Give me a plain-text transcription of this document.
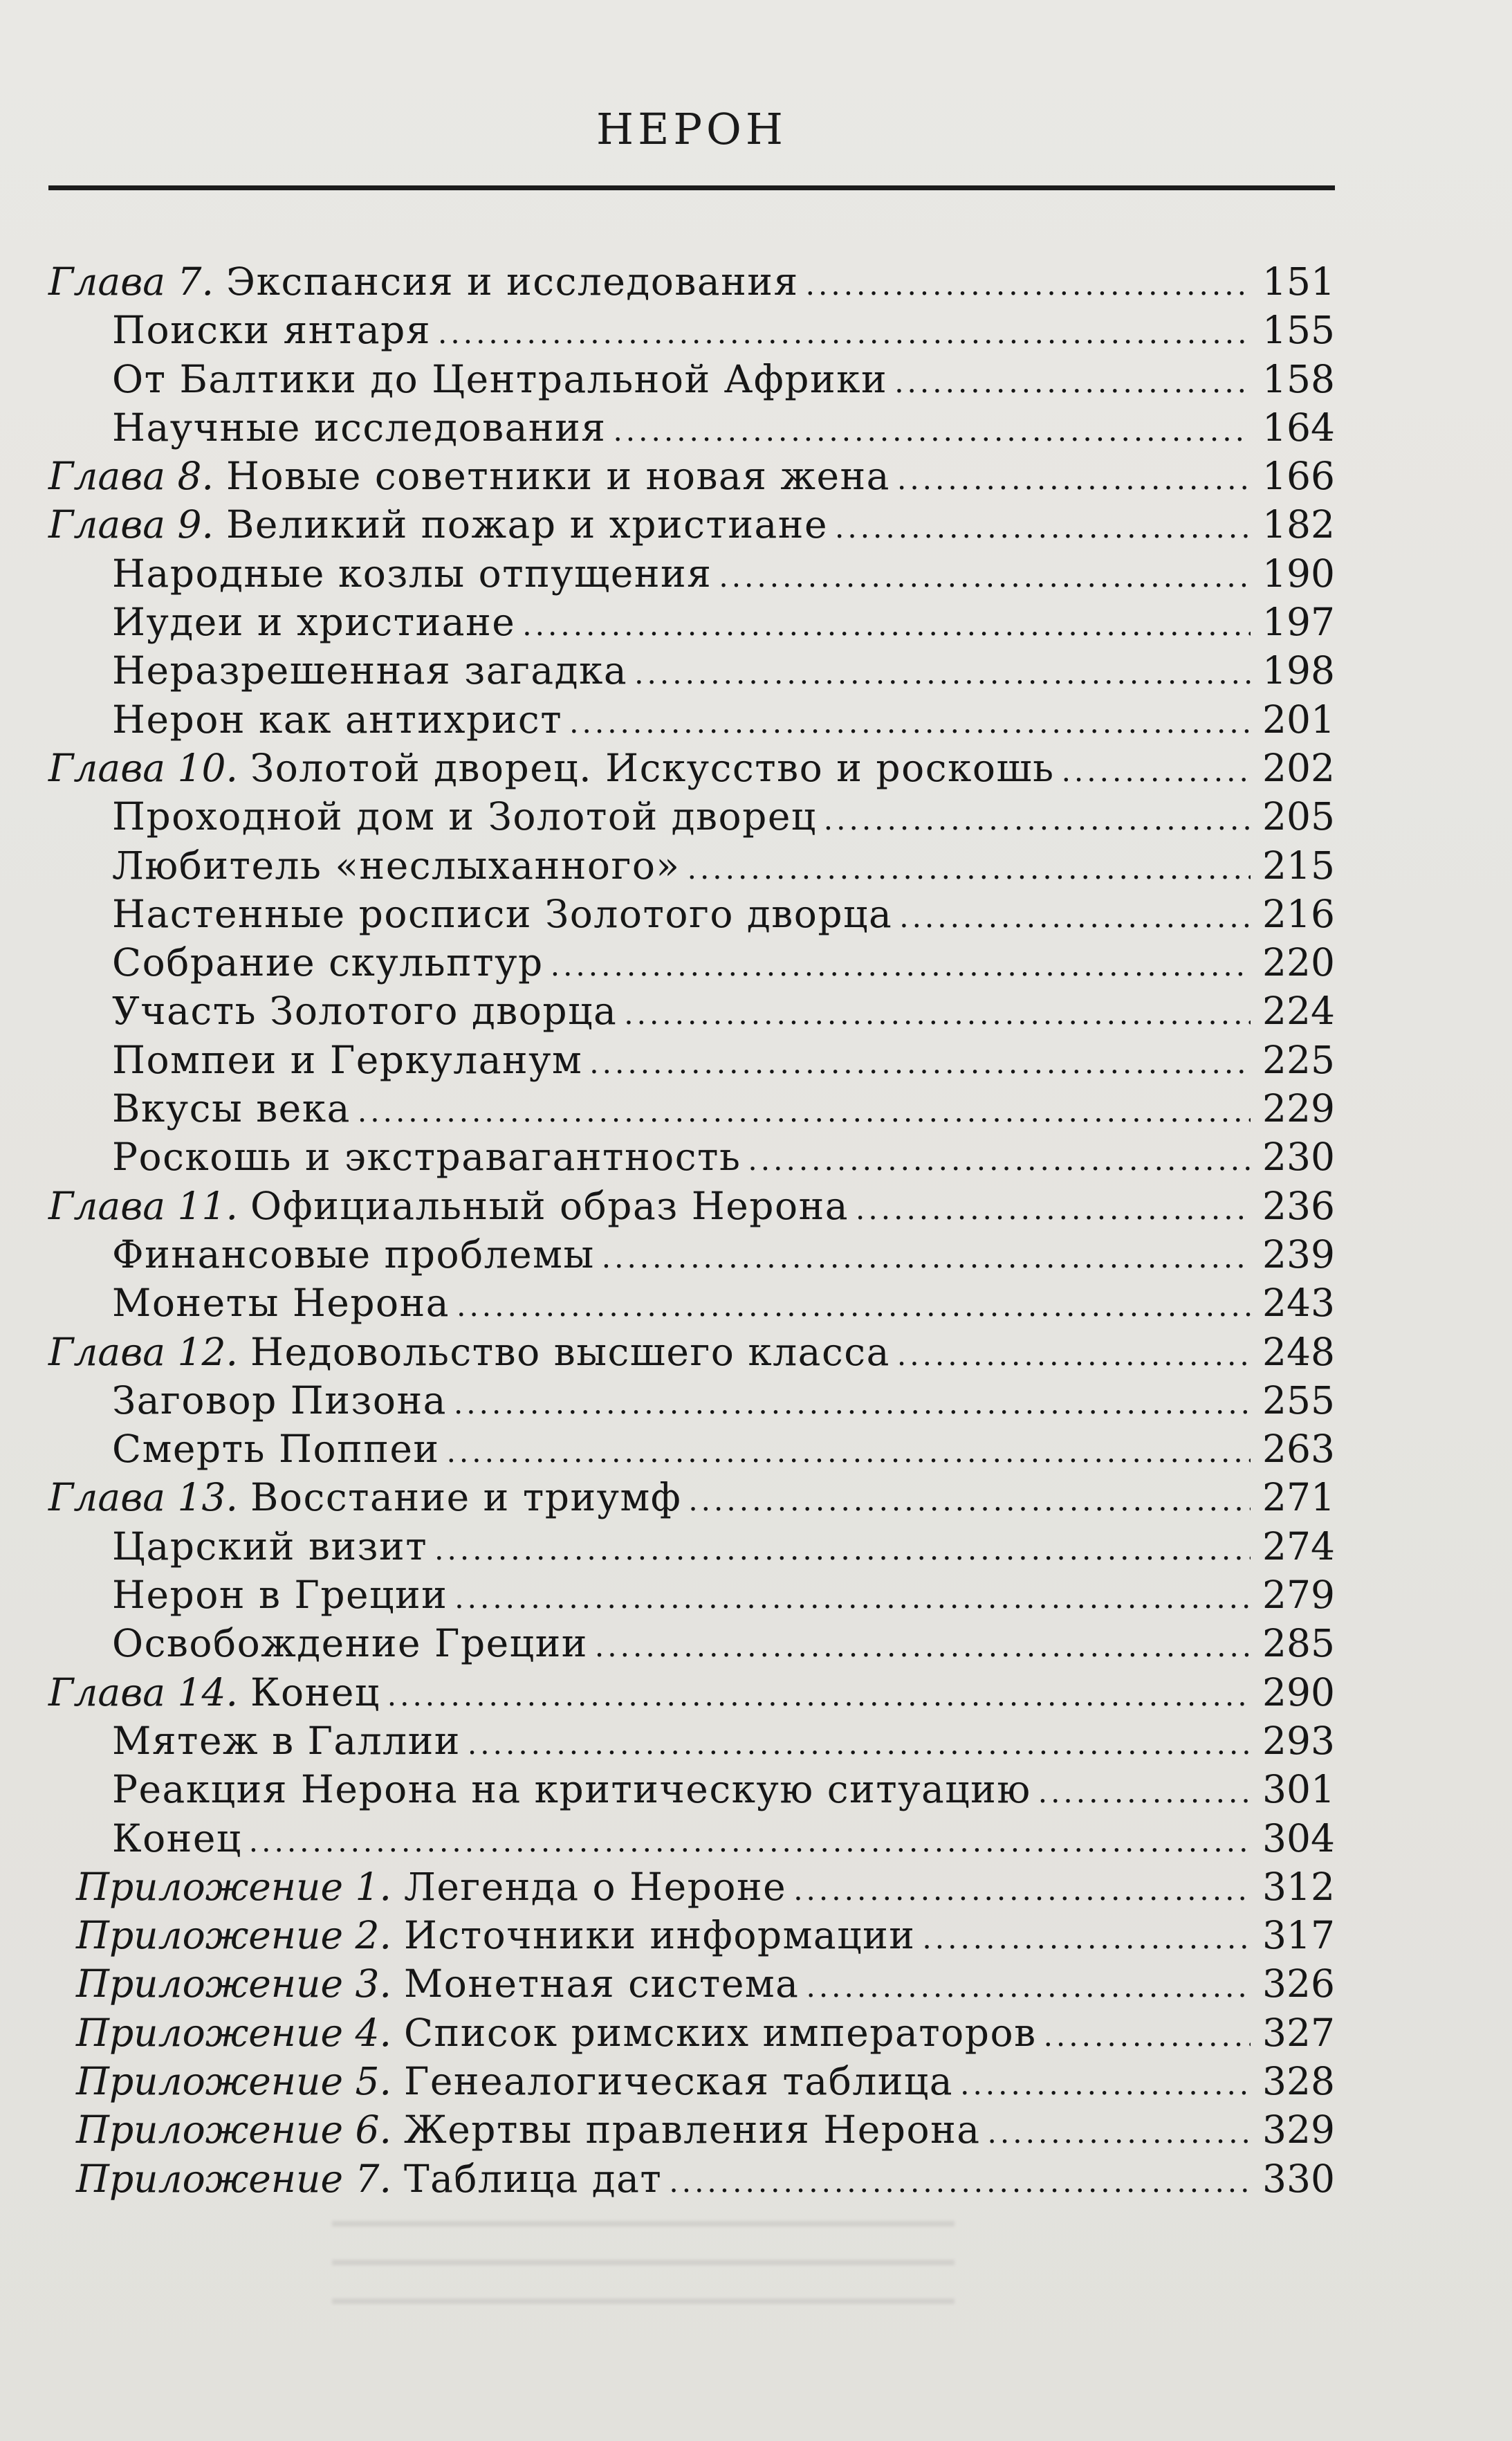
НЕРОН
Глава 7. Экспансия и исследования .....	151
Поиски янтаря .....	155
От Балтики до Центральной Африки .....	158
Научные исследования .....	164
Глава 8. Новые советники и новая жена .....	166
Глава 9. Великий пожар и христиане .....	182
Народные козлы отпущения .....	190
Иудеи и христиане .....	197
Неразрешенная загадка .....	198
Нерон как антихрист .....	201
Глава 10. Золотой дворец. Искусство и роскошь .....	202
Проходной дом и Золотой дворец .....	205
Любитель «неслыханного» .....	215
Настенные росписи Золотого дворца .....	216
Собрание скульптур .....	220
Участь Золотого дворца .....	224
Помпеи и Геркуланум .....	225
Вкусы века .....	229
Роскошь и экстравагантность .....	230
Глава 11. Официальный образ Нерона .....	236
Финансовые проблемы .....	239
Монеты Нерона .....	243
Глава 12. Недовольство высшего класса .....	248
Заговор Пизона .....	255
Смерть Поппеи .....	263
Глава 13. Восстание и триумф .....	271
Царский визит .....	274
Нерон в Греции .....	279
Освобождение Греции .....	285
Глава 14. Конец .....	290
Мятеж в Галлии .....	293
Реакция Нерона на критическую ситуацию .....	301
Конец .....	304
Приложение 1. Легенда о Нероне .....	312
Приложение 2. Источники информации .....	317
Приложение 3. Монетная система .....	326
Приложение 4. Список римских императоров .....	327
Приложение 5. Генеалогическая таблица .....	328
Приложение 6. Жертвы правления Нерона .....	329
Приложение 7. Таблица дат .....	330
